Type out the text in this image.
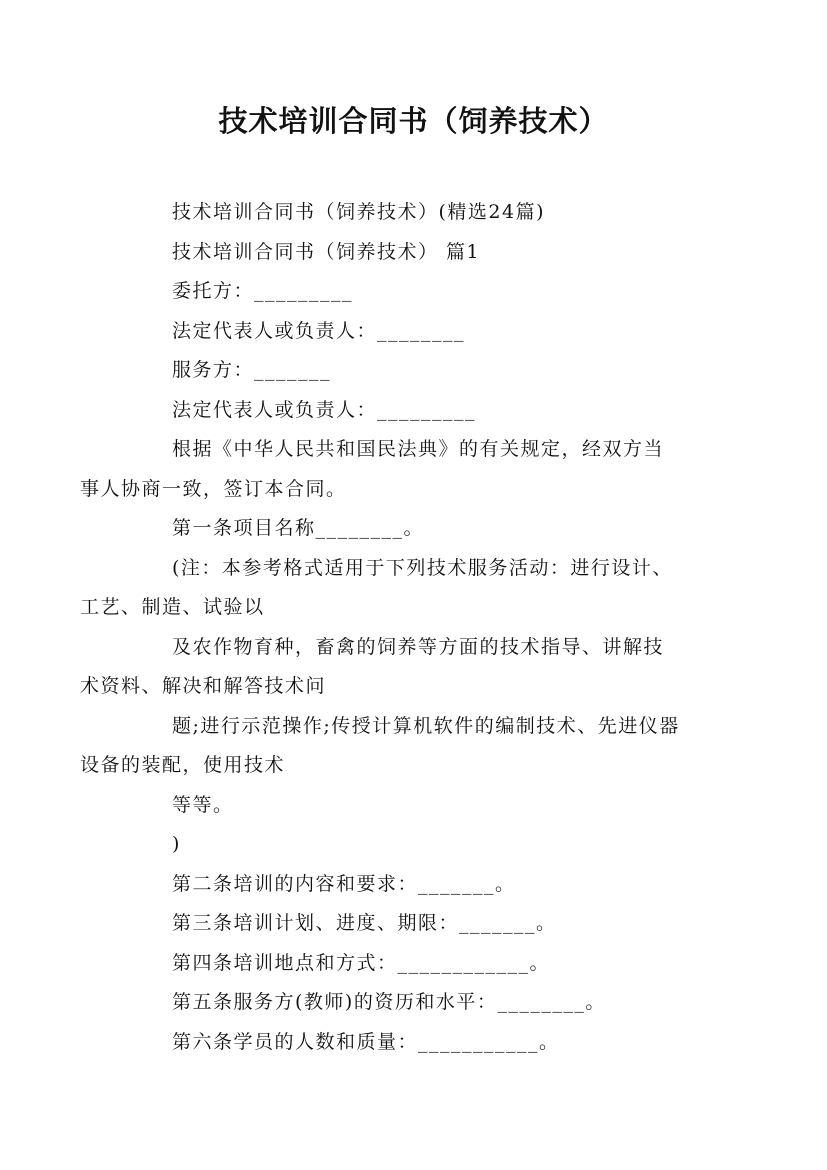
技术培训合同书（饲养技术）

技术培训合同书（饲养技术）(精选24篇)

技术培训合同书（饲养技术） 篇1

委托方：_________

法定代表人或负责人：________

服务方：_______

法定代表人或负责人：_________

根据《中华人民共和国民法典》的有关规定，经双方当事人协商一致，签订本合同。

第一条项目名称________。

(注：本参考格式适用于下列技术服务活动：进行设计、工艺、制造、试验以

及农作物育种，畜禽的饲养等方面的技术指导、讲解技术资料、解决和解答技术问

题;进行示范操作;传授计算机软件的编制技术、先进仪器设备的装配，使用技术

等等。

)

第二条培训的内容和要求：_______。

第三条培训计划、进度、期限：_______。

第四条培训地点和方式：____________。

第五条服务方(教师)的资历和水平：________。

第六条学员的人数和质量：___________。
